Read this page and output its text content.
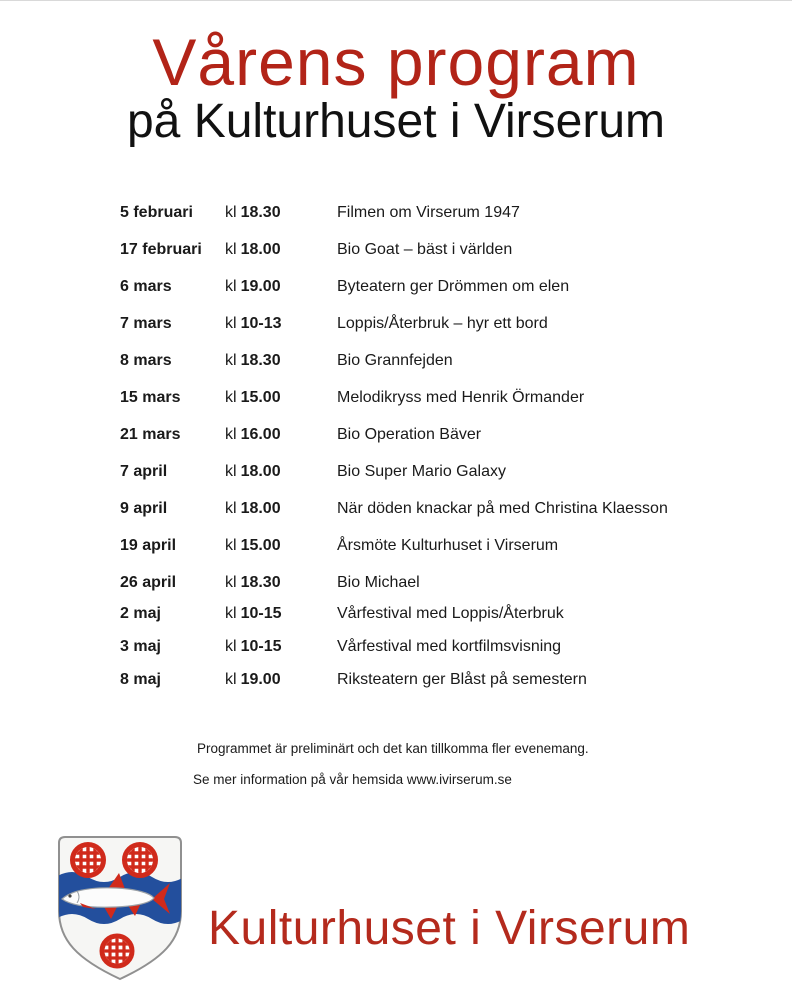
Vårens program
på Kulturhuset i Virserum
5 februari	kl 18.30	Filmen om Virserum 1947
17 februari	kl 18.00	Bio Goat – bäst i världen
6 mars	kl 19.00	Byteatern ger Drömmen om elen
7 mars	kl 10-13	Loppis/Återbruk – hyr ett bord
8 mars	kl 18.30	Bio Grannfejden
15 mars	kl 15.00	Melodikryss med Henrik Örmander
21 mars	kl 16.00	Bio Operation Bäver
7 april	kl 18.00	Bio Super Mario Galaxy
9 april	kl 18.00	När döden knackar på med Christina Klaesson
19 april	kl 15.00	Årsmöte Kulturhuset i Virserum
26 april	kl 18.30	Bio Michael
2 maj	kl 10-15	Vårfestival med Loppis/Återbruk
3 maj	kl 10-15	Vårfestival med kortfilmsvisning
8 maj	kl 19.00	Riksteatern ger Blåst på semestern
Programmet är preliminärt och det kan tillkomma fler evenemang.
Se mer information på vår hemsida www.ivirserum.se
Kulturhuset i Virserum
